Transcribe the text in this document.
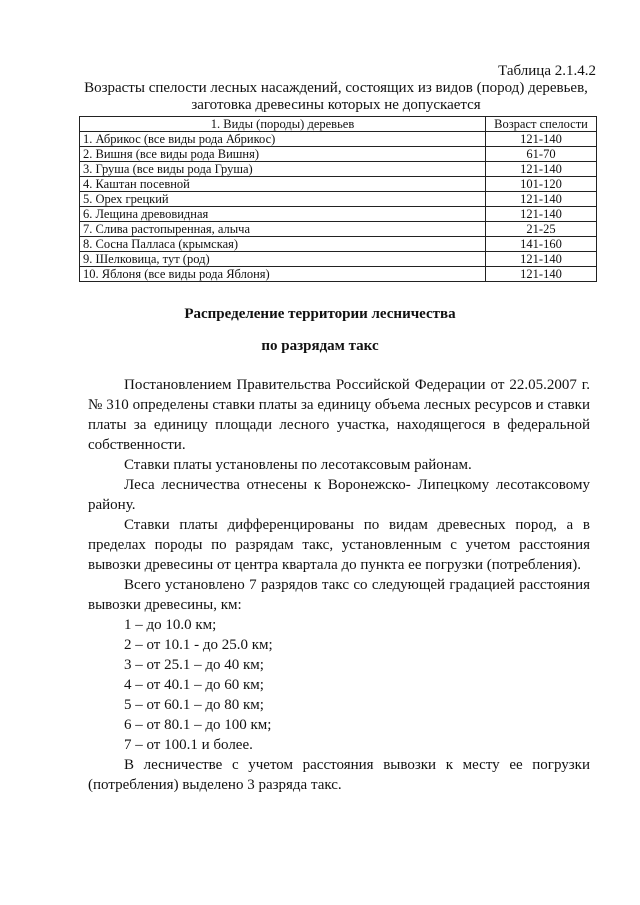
Таблица 2.1.4.2
Возрасты спелости лесных насаждений, состоящих из видов (пород) деревьев,
заготовка древесины которых не допускается
1. Виды (породы) деревьев	Возраст спелости
1. Абрикос (все виды рода Абрикос)	121-140
2. Вишня (все виды рода Вишня)	61-70
3. Груша (все виды рода Груша)	121-140
4. Каштан посевной	101-120
5. Орех грецкий	121-140
6. Лещина древовидная	121-140
7. Слива растопыренная, алыча	21-25
8. Сосна Палласа (крымская)	141-160
9. Шелковица, тут (род)	121-140
10. Яблоня (все виды рода Яблоня)	121-140
Распределение территории лесничества
по разрядам такс

Постановлением Правительства Российской Федерации от 22.05.2007 г. № 310 определены ставки платы за единицу объема лесных ресурсов и ставки платы за единицу площади лесного участка, находящегося в федеральной собственности.

Ставки платы установлены по лесотаксовым районам.

Леса лесничества отнесены к Воронежско- Липецкому лесотаксовому району.

Ставки платы дифференцированы по видам древесных пород, а в пределах породы по разрядам такс, установленным с учетом расстояния вывозки древесины от центра квартала до пункта ее погрузки (потребления).

Всего установлено 7 разрядов такс со следующей градацией расстояния вывозки древесины, км:

1 – до 10.0 км;

2 – от 10.1 - до 25.0 км;

3 – от 25.1 – до 40 км;

4 – от 40.1 – до 60 км;

5 – от 60.1 – до 80 км;

6 – от 80.1 – до 100 км;

7 – от 100.1 и более.

В лесничестве с учетом расстояния вывозки к месту ее погрузки (потребления) выделено 3 разряда такс.
